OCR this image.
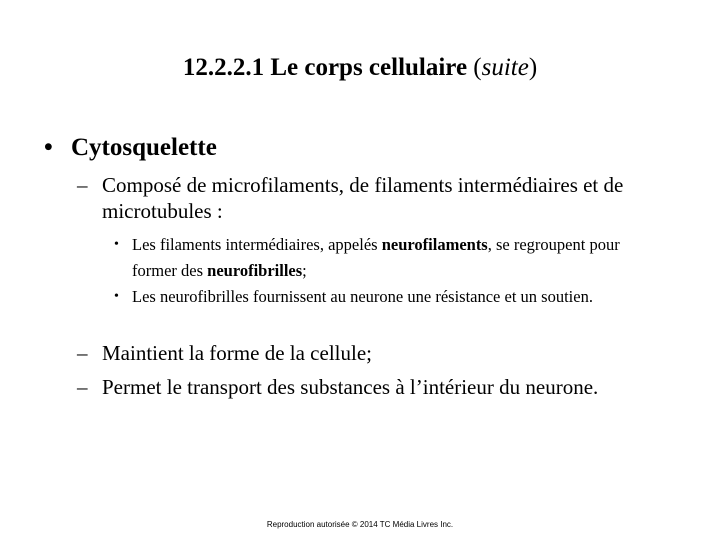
12.2.2.1 Le corps cellulaire (suite)
• Cytosquelette
– Composé de microfilaments, de filaments intermédiaires et de microtubules :
• Les filaments intermédiaires, appelés neurofilaments, se regroupent pour former des neurofibrilles;
• Les neurofibrilles fournissent au neurone une résistance et un soutien.
– Maintient la forme de la cellule;
– Permet le transport des substances à l’intérieur du neurone.
Reproduction autorisée © 2014 TC Média Livres Inc.
